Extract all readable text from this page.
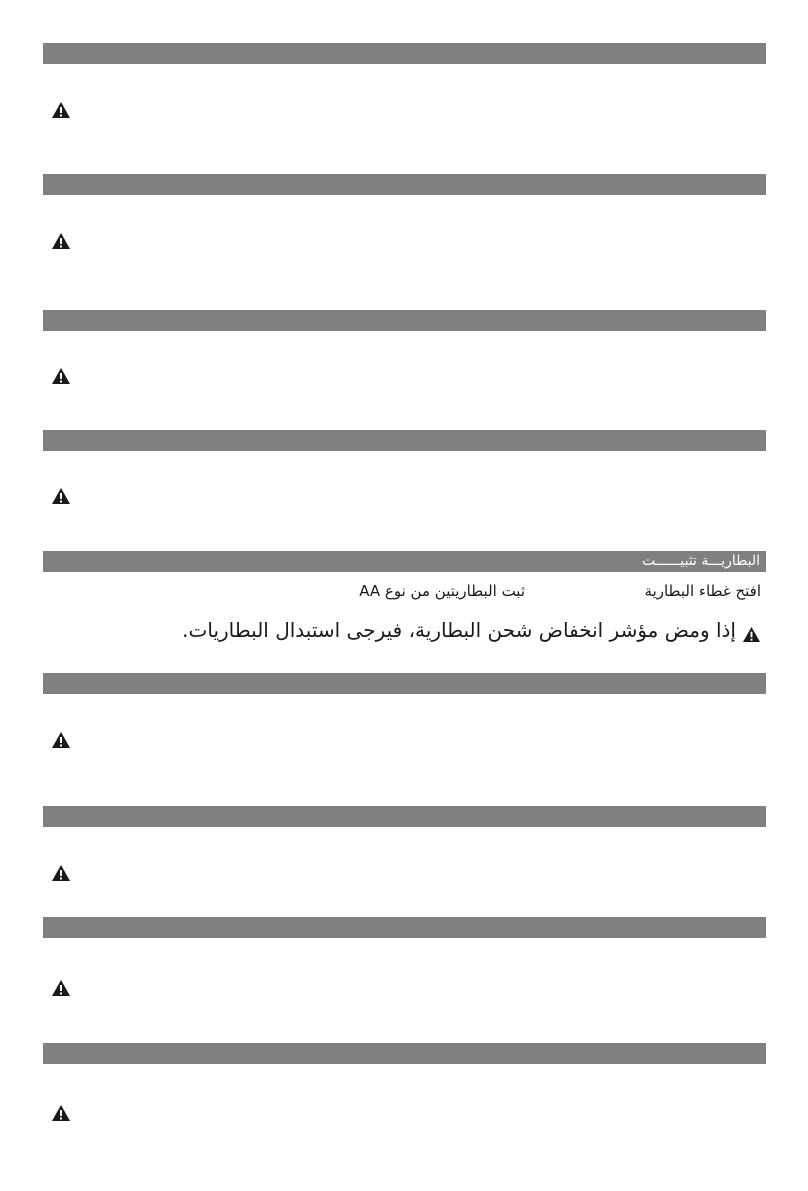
البطاريـــة تثبيــــــت
افتح غطاء البطارية
ثبت البطاريتين من نوع AA
إذا ومض مؤشر انخفاض شحن البطارية، فيرجى استبدال البطاريات.
